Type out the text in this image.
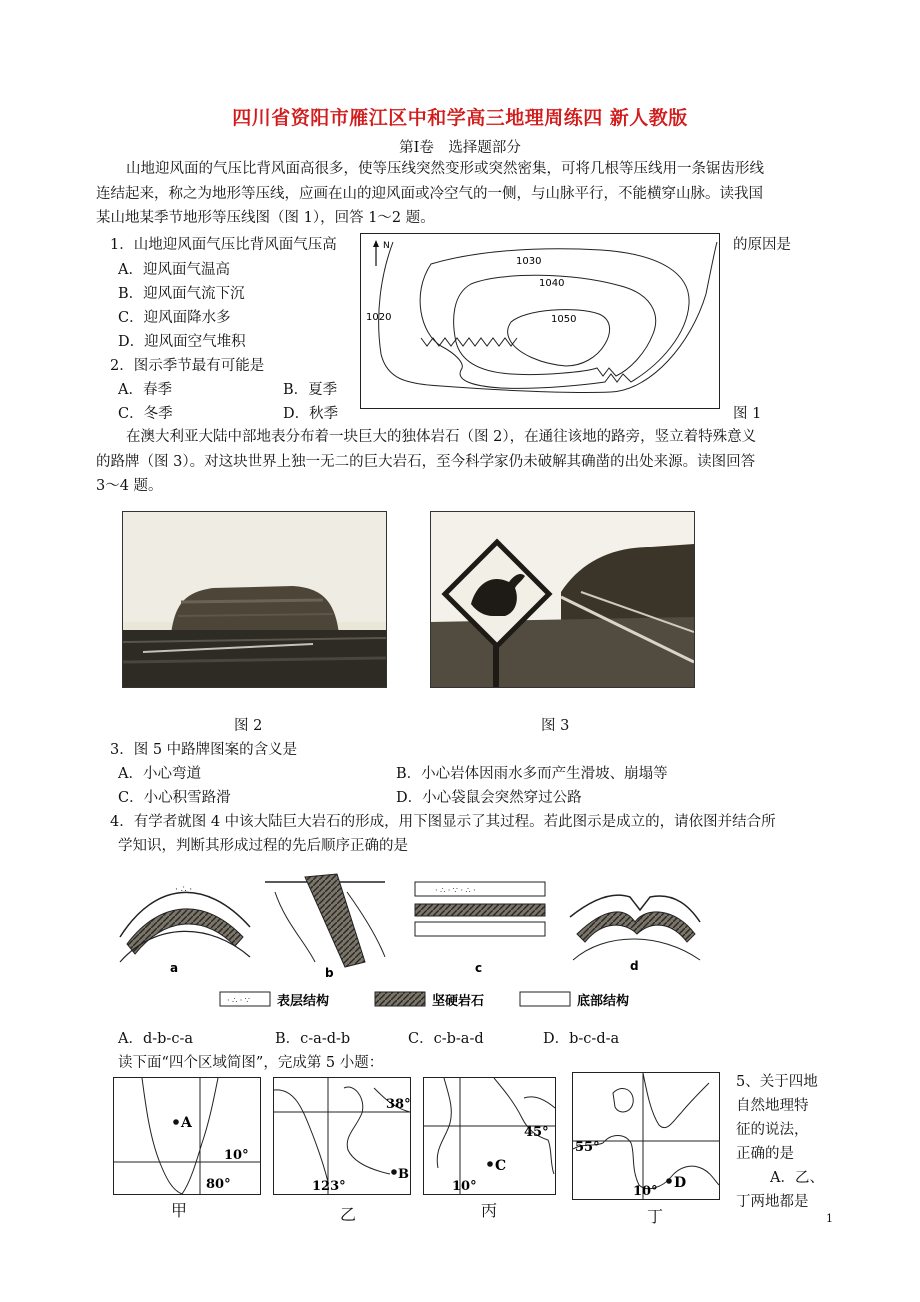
四川省资阳市雁江区中和学高三地理周练四 新人教版
第Ⅰ卷　选择题部分
山地迎风面的气压比背风面高很多，使等压线突然变形或突然密集，可将几根等压线用一条锯齿形线
连结起来，称之为地形等压线，应画在山的迎风面或冷空气的一侧，与山脉平行，不能横穿山脉。读我国
某山地某季节地形等压线图（图 1），回答 1～2 题。
1．山地迎风面气压比背风面气压高	的原因是
A．迎风面气温高
B．迎风面气流下沉
C．迎风面降水多
D．迎风面空气堆积
2．图示季节最有可能是
A．春季	B．夏季
C．冬季	D．秋季
1020
1030
1040
1050
N
图 1
在澳大利亚大陆中部地表分布着一块巨大的独体岩石（图 2），在通往该地的路旁，竖立着特殊意义
的路牌（图 3）。对这块世界上独一无二的巨大岩石，至今科学家仍未破解其确凿的出处来源。读图回答
3～4 题。
图 2	图 3
3．图 5 中路牌图案的含义是
A．小心弯道	B．小心岩体因雨水多而产生滑坡、崩塌等
C．小心积雪路滑	D．小心袋鼠会突然穿过公路
4．有学者就图 4 中该大陆巨大岩石的形成，用下图显示了其过程。若此图示是成立的，请依图并结合所
学知识，判断其形成过程的先后顺序正确的是
· ∴ ·	· ∴ · ∵ · ∴ ·
a	b	c	d
· ∴ · ∵ 表层结构	坚硬岩石	底部结构
A．d-b-c-a	B．c-a-d-b	C．c-b-a-d	D．b-c-d-a
读下面“四个区域简图”，完成第 5 小题：
A
10°
80°
B
38°
123°
C
45°
10°	D
55°
10°
甲	乙	丙	丁
5、关于四地
自然地理特
征的说法，
正确的是
A．乙、
丁两地都是
1
